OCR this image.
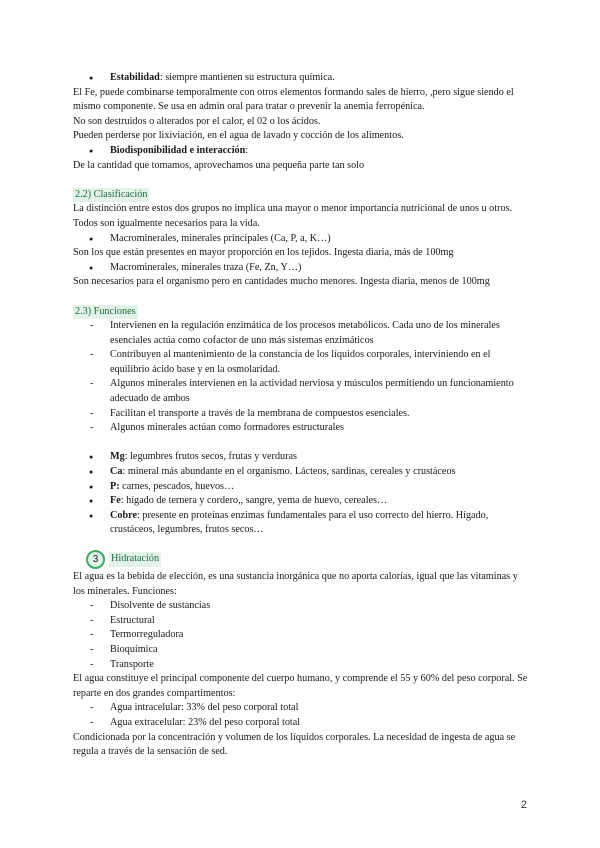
● Estabilidad: siempre mantienen su estructura química.

El Fe, puede combinarse temporalmente con otros elementos formando sales de hierro, ,pero sigue siendo el mismo componente. Se usa en admin oral para tratar o prevenir la anemia ferropénica.

No son destruidos o alterados por el calor, el 02 o los ácidos.

Pueden perderse por lixiviación, en el agua de lavado y cocción de los alimentos.

● Biodisponibilidad e interacción:

De la cantidad que tomamos, aprovechamos una pequeña parte tan solo

2.2) Clasificación

La distinción entre estos dos grupos no implica una mayor o menor importancia nutricional de unos u otros. Todos son igualmente necesarios para la vida.

● Macrominerales, minerales principales (Ca, P, a, K…)

Son los que están presentes en mayor proporción en los tejidos. Ingesta diaria, más de 100mg

● Macrominerales, minerales traza (Fe, Zn, Y…)

Son necesarios para el organismo pero en cantidades mucho menores. Ingesta diaria, menos de 100mg

2.3) Funciones

- Intervienen en la regulación enzimática de los procesos metabólicos. Cada uno de los minerales esenciales actúa como cofactor de uno más sistemas enzimáticos

- Contribuyen al mantenimiento de la constancia de los líquidos corporales, interviniendo en el equilibrio ácido base y en la osmolaridad.

- Algunos minerales intervienen en la actividad nerviosa y músculos permitiendo un funcionamiento adecuado de ambos

- Facilitan el transporte a través de la membrana de compuestos esenciales.

- Algunos minerales actúan como formadores estructurales

● Mg: legumbres frutos secos, frutas y verduras

● Ca: mineral más abundante en el organismo. Lácteos, sardinas, cereales y crustáceos

● P: carnes, pescados, huevos…

● Fe: hígado de ternera y cordero,, sangre, yema de huevo, cereales…

● Cobre: presente en proteínas enzimas fundamentales para el uso correcto del hierro. Hígado, crustáceos, legumbres, frutos secos…

3	Hidratación

El agua es la bebida de elección, es una sustancia inorgánica que no aporta calorías, igual que las vitaminas y los minerales. Funciones:

- Disolvente de sustancias

- Estructural

- Termorreguladora

- Bioquímica

- Transporte

El agua constituye el principal componente del cuerpo humano, y comprende el 55 y 60% del peso corporal. Se reparte en dos grandes compartimentos:

- Agua intracelular: 33% del peso corporal total

- Agua extracelular: 23% del peso corporal total

Condicionada por la concentración y volumen de los líquidos corporales. La necesidad de ingesta de agua se regula a través de la sensación de sed.

2
